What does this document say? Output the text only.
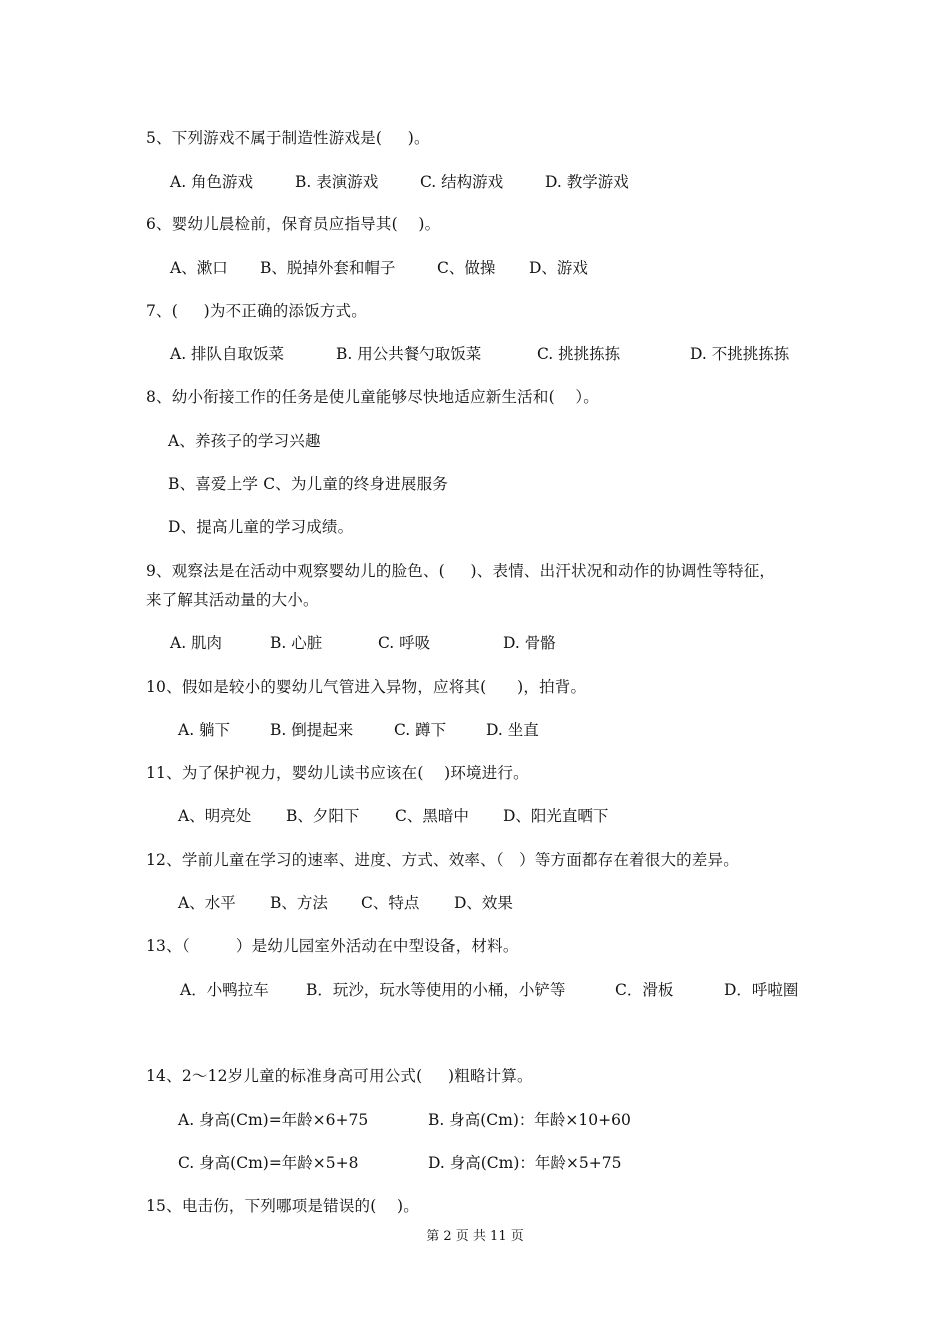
5、下列游戏不属于制造性游戏是(     )。
A. 角色游戏	B. 表演游戏	C. 结构游戏	D. 教学游戏
6、婴幼儿晨检前，保育员应指导其(    )。
A、漱口 B、脱掉外套和帽子	C、做操 D、游戏
7、(     )为不正确的添饭方式。
A. 排队自取饭菜	B. 用公共餐勺取饭菜	C. 挑挑拣拣	D. 不挑挑拣拣
8、幼小衔接工作的任务是使儿童能够尽快地适应新生活和(    ）。
A、养孩子的学习兴趣
B、喜爱上学 C、为儿童的终身进展服务
D、提高儿童的学习成绩。
9、观察法是在活动中观察婴幼儿的脸色、(     )、表情、出汗状况和动作的协调性等特征，
来了解其活动量的大小。
A. 肌肉	B. 心脏	C. 呼吸	D. 骨骼
10、假如是较小的婴幼儿气管进入异物，应将其(      )，拍背。
A. 躺下	B. 倒提起来	C. 蹲下	D. 坐直
11、为了保护视力，婴幼儿读书应该在(    )环境进行。
A、明亮处 B、夕阳下 C、黑暗中 D、阳光直晒下
12、学前儿童在学习的速率、进度、方式、效率、（   ）等方面都存在着很大的差异。
A、水平 B、方法 C、特点 D、效果
13、（         ）是幼儿园室外活动在中型设备，材料。
A．小鸭拉车 B．玩沙，玩水等使用的小桶，小铲等	C．滑板	D．呼啦圈
14、2～12岁儿童的标准身高可用公式(     )粗略计算。
A. 身高(Cm)=年龄×6+75	B. 身高(Cm)：年龄×10+60
C. 身高(Cm)=年龄×5+8	D. 身高(Cm)：年龄×5+75
15、电击伤，下列哪项是错误的(    )。
第 2 页 共 11 页
